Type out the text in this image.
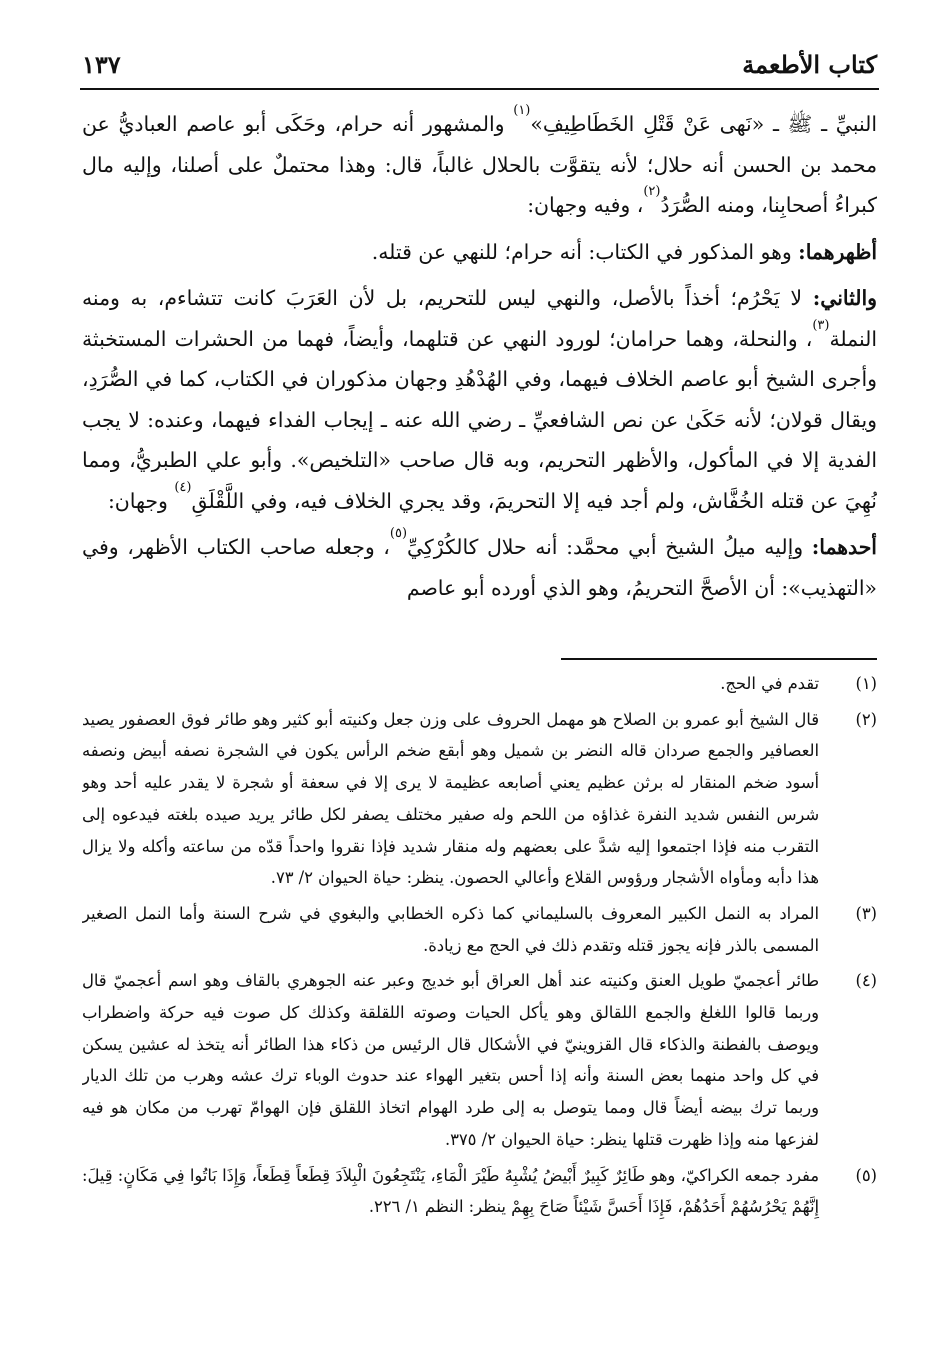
كتاب الأطعمة
١٣٧

النبيِّ ـ ﷺ ـ «نَهى عَنْ قَتْلِ الخَطَاطِيفِ»$^{(١)}$ والمشهور أنه حرام، وحَكَى أبو عاصم العباديُّ عن محمد بن الحسن أنه حلال؛ لأنه يتقوَّت بالحلال غالباً، قال: وهذا محتملٌ على أصلنا، وإليه مال كبراءُ أصحابِنا، ومنه الصُّرَدُ$^{(٢)}$، وفيه وجهان:

أظهرهما: وهو المذكور في الكتاب: أنه حرام؛ للنهي عن قتله.

والثاني: لا يَحْرُم؛ أخذاً بالأصل، والنهي ليس للتحريم، بل لأن العَرَبَ كانت تتشاءم، به ومنه النملة$^{(٣)}$، والنحلة، وهما حرامان؛ لورود النهي عن قتلهما، وأيضاً، فهما من الحشرات المستخبثة وأجرى الشيخ أبو عاصم الخلاف فيهما، وفي الهُدْهُدِ وجهان مذكوران في الكتاب، كما في الصُّرَدِ، ويقال قولان؛ لأنه حَكَىٰ عن نص الشافعيِّ ـ رضي الله عنه ـ إيجاب الفداء فيهما، وعنده: لا يجب الفدية إلا في المأكول، والأظهر التحريم، وبه قال صاحب «التلخيص». وأبو علي الطبريُّ، ومما نُهِيَ عن قتله الخُفَّاش، ولم أجد فيه إلا التحريمَ، وقد يجري الخلاف فيه، وفي اللَّقْلَقِ$^{(٤)}$ وجهان:

أحدهما: وإليه ميلُ الشيخ أبي محمَّد: أنه حلال كالكُرْكِيِّ$^{(٥)}$، وجعله صاحب الكتاب الأظهر، وفي «التهذيب»: أن الأصحَّ التحريمُ، وهو الذي أورده أبو عاصم

(١)
تقدم في الحج.
(٢)
قال الشيخ أبو عمرو بن الصلاح هو مهمل الحروف على وزن جعل وكنيته أبو كثير وهو طائر فوق العصفور يصيد العصافير والجمع صردان قاله النضر بن شميل وهو أبقع ضخم الرأس يكون في الشجرة نصفه أبيض ونصفه أسود ضخم المنقار له برثن عظيم يعني أصابعه عظيمة لا يرى إلا في سعفة أو شجرة لا يقدر عليه أحد وهو شرس النفس شديد النفرة غذاؤه من اللحم وله صفير مختلف يصفر لكل طائر يريد صيده بلغته فيدعوه إلى التقرب منه فإذا اجتمعوا إليه شدَّ على بعضهم وله منقار شديد فإذا نقروا واحداً قدّه من ساعته وأكله ولا يزال هذا دأبه ومأواه الأشجار ورؤوس القلاع وأعالي الحصون. ينظر: حياة الحيوان ٢/ ٧٣.
(٣)
المراد به النمل الكبير المعروف بالسليماني كما ذكره الخطابي والبغوي في شرح السنة وأما النمل الصغير المسمى بالذر فإنه يجوز قتله وتقدم ذلك في الحج مع زيادة.
(٤)
طائر أعجميّ طويل العنق وكنيته عند أهل العراق أبو خديج وعبر عنه الجوهري بالقاف وهو اسم أعجميّ قال وربما قالوا اللغلغ والجمع اللقالق وهو يأكل الحيات وصوته اللقلقة وكذلك كل صوت فيه حركة واضطراب ويوصف بالفطنة والذكاء قال القزوينيّ في الأشكال قال الرئيس من ذكاء هذا الطائر أنه يتخذ له عشين يسكن في كل واحد منهما بعض السنة وأنه إذا أحس بتغير الهواء عند حدوث الوباء ترك عشه وهرب من تلك الديار وربما ترك بيضه أيضاً قال ومما يتوصل به إلى طرد الهوام اتخاذ اللقلق فإن الهوامّ تهرب من مكان هو فيه لفزعها منه وإذا ظهرت قتلها ينظر: حياة الحيوان ٢/ ٣٧٥.
(٥)
مفرد جمعه الكراكيّ، وهو طَائِرٌ كَبِيرٌ أَبْيضُ يُشْبِهُ طَيْرَ الْمَاءِ، يَنْتَجِعُونَ الْبِلاَدَ قِطَعاً قِطَعاً، وَإِذَا بَاتُوا فِي مَكَانٍ: قِيلَ: إِنَّهُمْ يَحْرُسُهُمْ أَحَدُهُمْ، فَإِذَا أَحَسَّ شَيْئاً صَاحَ بِهِمْ ينظر: النظم ١/ ٢٢٦.
